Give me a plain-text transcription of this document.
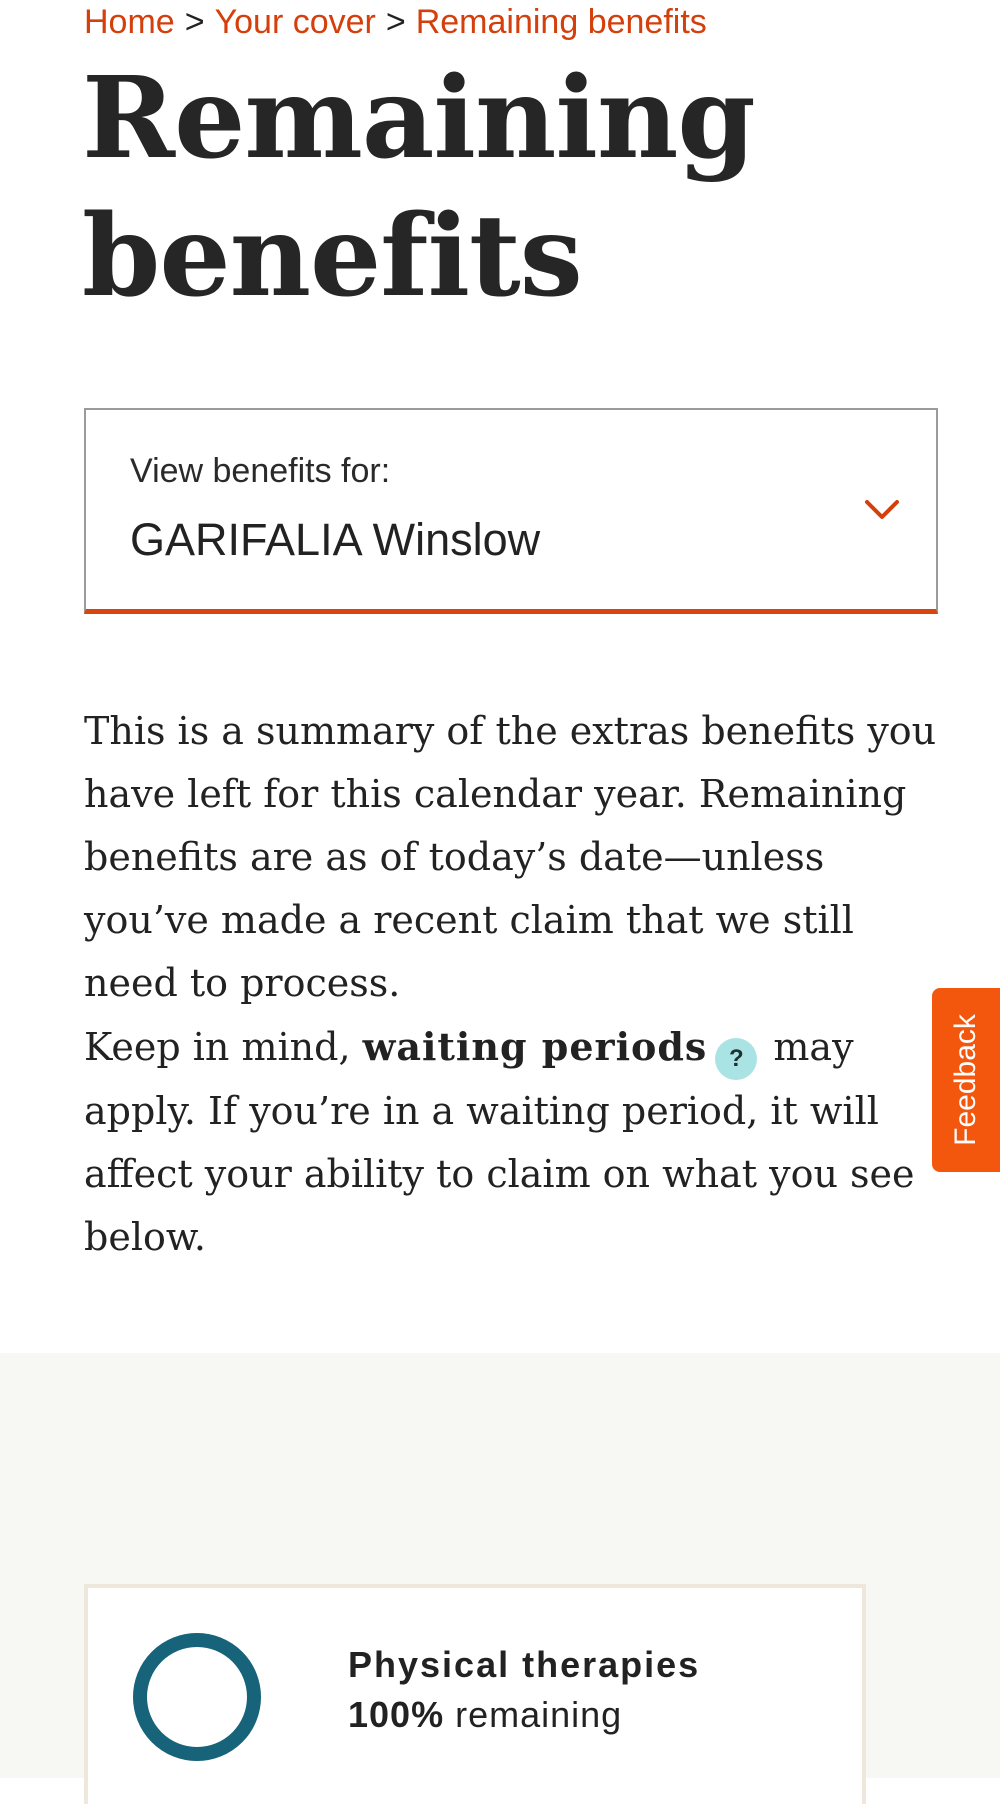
Home > Your cover > Remaining benefits
Remaining benefits
View benefits for:
GARIFALIA Winslow

This is a summary of the extras benefits you have left for this calendar year. Remaining benefits are as of today’s date—unless you’ve made a recent claim that we still need to process.

Keep in mind, waiting periods ? may apply. If you’re in a waiting period, it will affect your ability to claim on what you see below.

Feedback
Physical therapies
100% remaining
